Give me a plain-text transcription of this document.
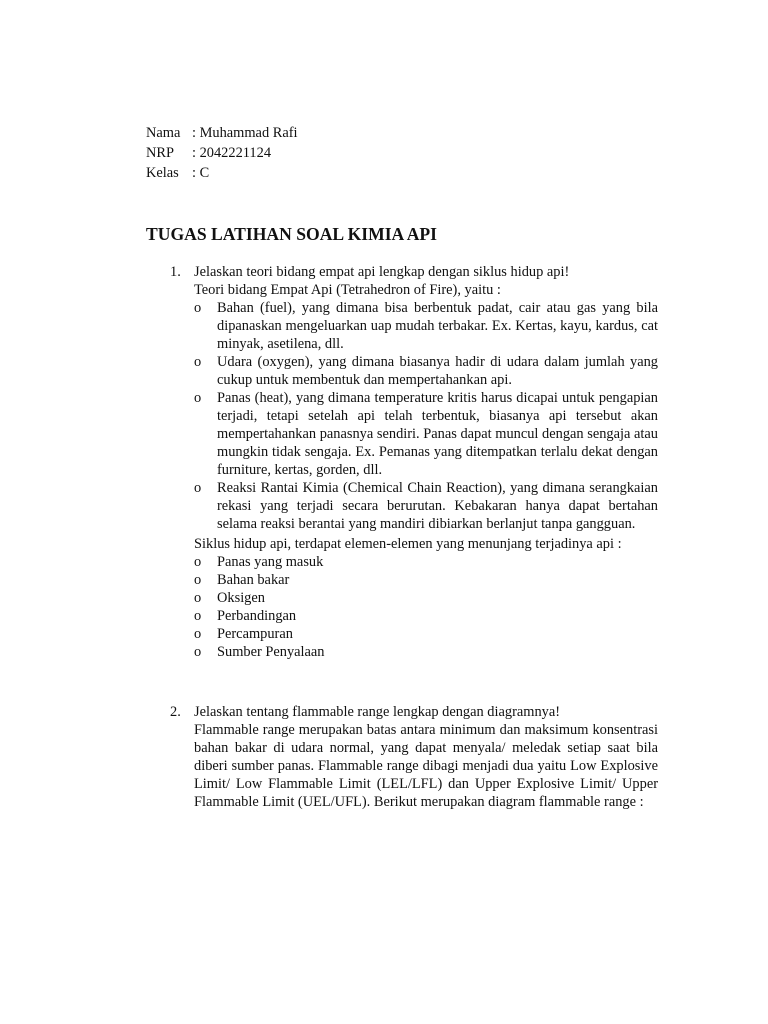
Nama : Muhammad Rafi
NRP	: 2042221124
Kelas : C
TUGAS LATIHAN SOAL KIMIA API
1. Jelaskan teori bidang empat api lengkap dengan siklus hidup api!

Teori bidang Empat Api (Tetrahedron of Fire), yaitu :

o	Bahan (fuel), yang dimana bisa berbentuk padat, cair atau gas yang bila dipanaskan mengeluarkan uap mudah terbakar. Ex. Kertas, kayu, kardus, cat minyak, asetilena, dll.
o	Udara (oxygen), yang dimana biasanya hadir di udara dalam jumlah yang cukup untuk membentuk dan mempertahankan api.
o	Panas (heat), yang dimana temperature kritis harus dicapai untuk pengapian terjadi, tetapi setelah api telah terbentuk, biasanya api tersebut akan mempertahankan panasnya sendiri. Panas dapat muncul dengan sengaja atau mungkin tidak sengaja. Ex. Pemanas yang ditempatkan terlalu dekat dengan furniture, kertas, gorden, dll.
o	Reaksi Rantai Kimia (Chemical Chain Reaction), yang dimana serangkaian rekasi yang terjadi secara berurutan. Kebakaran hanya dapat bertahan selama reaksi berantai yang mandiri dibiarkan berlanjut tanpa gangguan.

Siklus hidup api, terdapat elemen-elemen yang menunjang terjadinya api :

o	Panas yang masuk
o	Bahan bakar
o	Oksigen
o	Perbandingan
o	Percampuran
o	Sumber Penyalaan
2. Jelaskan tentang flammable range lengkap dengan diagramnya!

Flammable range merupakan batas antara minimum dan maksimum konsentrasi bahan bakar di udara normal, yang dapat menyala/ meledak setiap saat bila diberi sumber panas. Flammable range dibagi menjadi dua yaitu Low Explosive Limit/ Low Flammable Limit (LEL/LFL) dan Upper Explosive Limit/ Upper Flammable Limit (UEL/UFL). Berikut merupakan diagram flammable range :
